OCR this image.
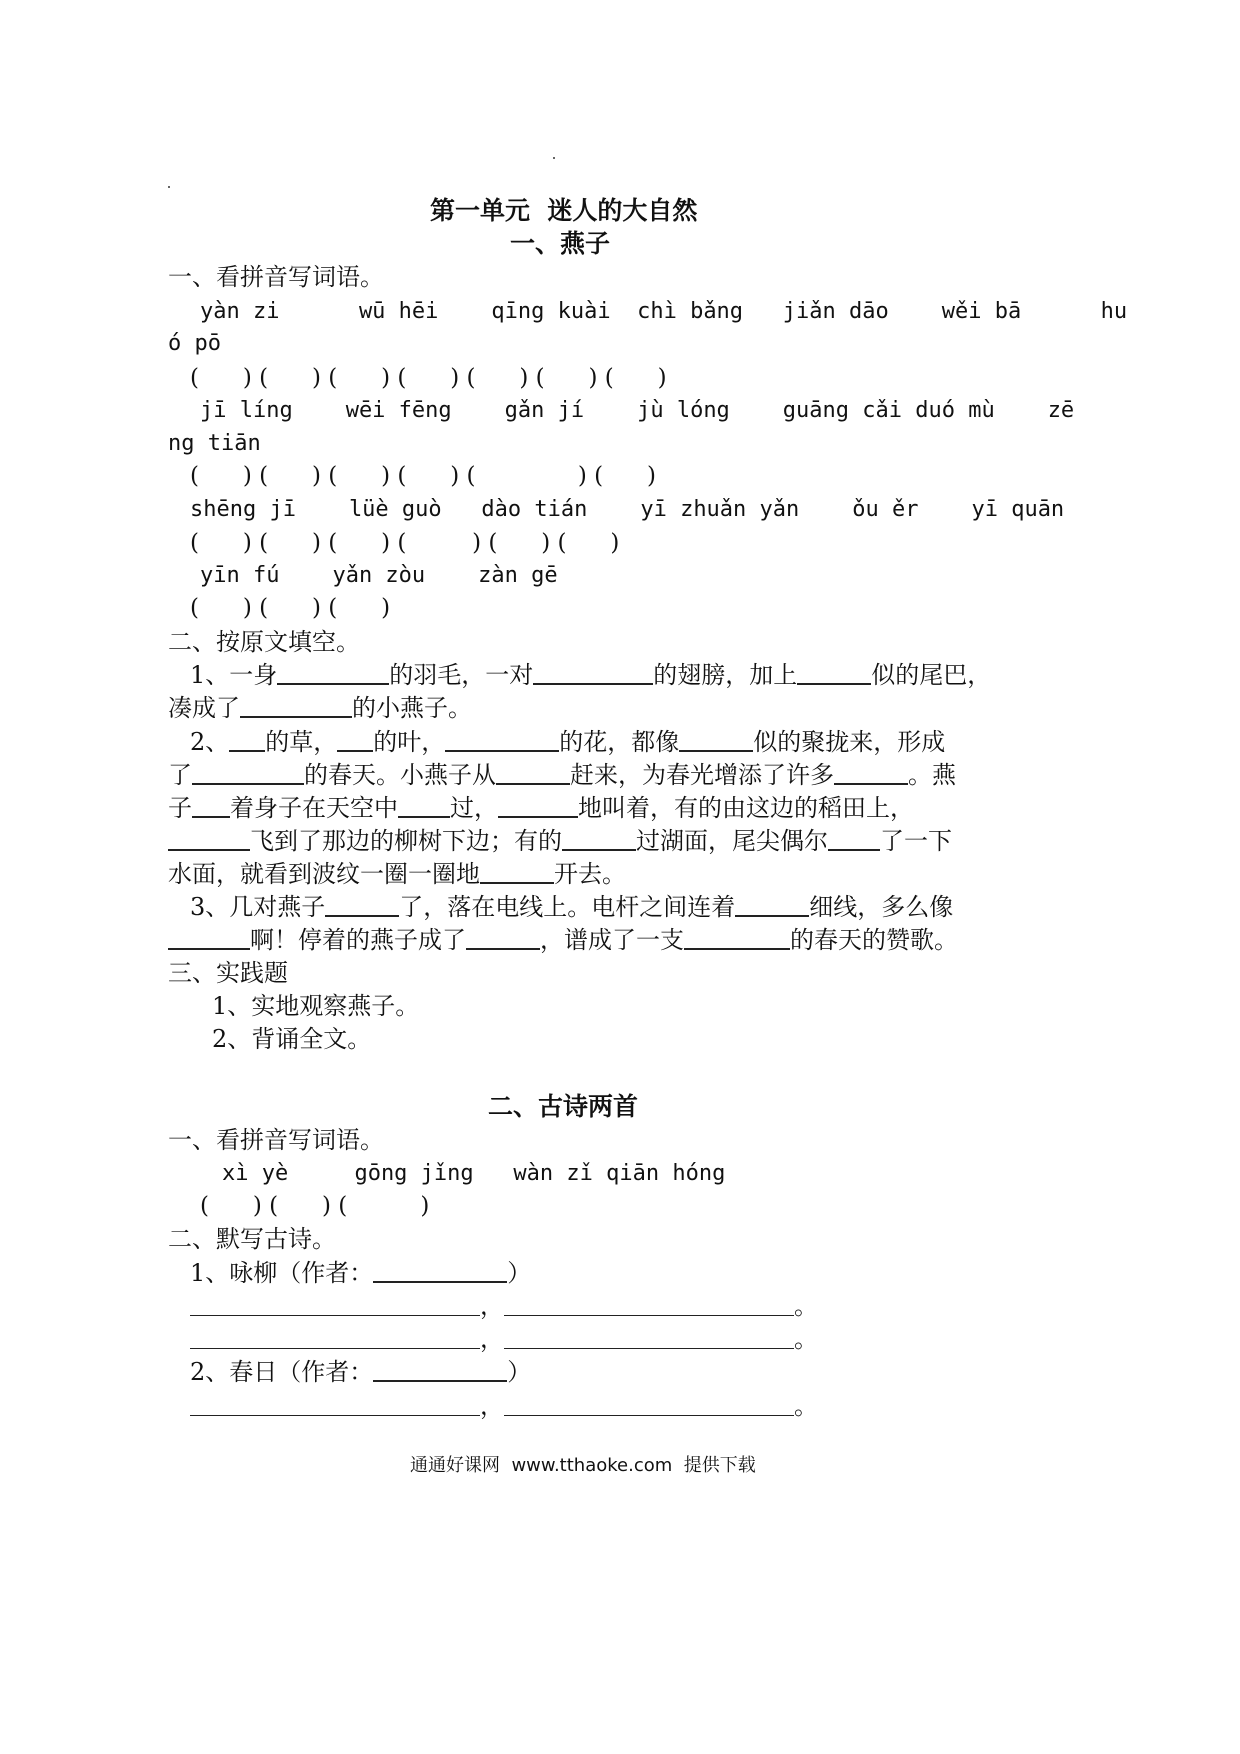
第一单元  迷人的大自然
一、燕子
一、看拼音写词语。
yàn zi      wū hēi    qīng kuài  chì bǎng   jiǎn dāo    wěi bā      hu
ó pō
(      ) (      ) (      ) (      ) (      ) (      ) (      )
jī líng    wēi fēng    gǎn jí    jù lóng    guāng cǎi duó mù    zē
ng tiān
(      ) (      ) (      ) (      ) (              ) (      )
shēng jī    lüè guò   dào tián    yī zhuǎn yǎn    ǒu ěr    yī quān
(      ) (      ) (      ) (         ) (      ) (      )
yīn fú    yǎn zòu    zàn gē
(      ) (      ) (      )
二、按原文填空。
1、一身	的羽毛，一对	的翅膀，加上	似的尾巴，
凑成了	的小燕子。
2、 的草， 的叶，	的花，都像	似的聚拢来，形成
了	的春天。小燕子从	赶来，为春光增添了许多	。燕
子 着身子在天空中 过，	地叫着，有的由这边的稻田上，
飞到了那边的柳树下边；有的	过湖面，尾尖偶尔 了一下
水面，就看到波纹一圈一圈地	开去。
3、几对燕子	了，落在电线上。电杆之间连着	细线，多么像
啊！停着的燕子成了	，谱成了一支	的春天的赞歌。
三、实践题
1、实地观察燕子。
2、背诵全文。
二、古诗两首
一、看拼音写词语。
xì yè     gōng jǐng   wàn zǐ qiān hóng
(      ) (      ) (          )
二、默写古诗。
1、咏柳（作者：	）
，	。
，	。
2、春日（作者：	）
，	。
通通好课网  www.tthaoke.com  提供下载
